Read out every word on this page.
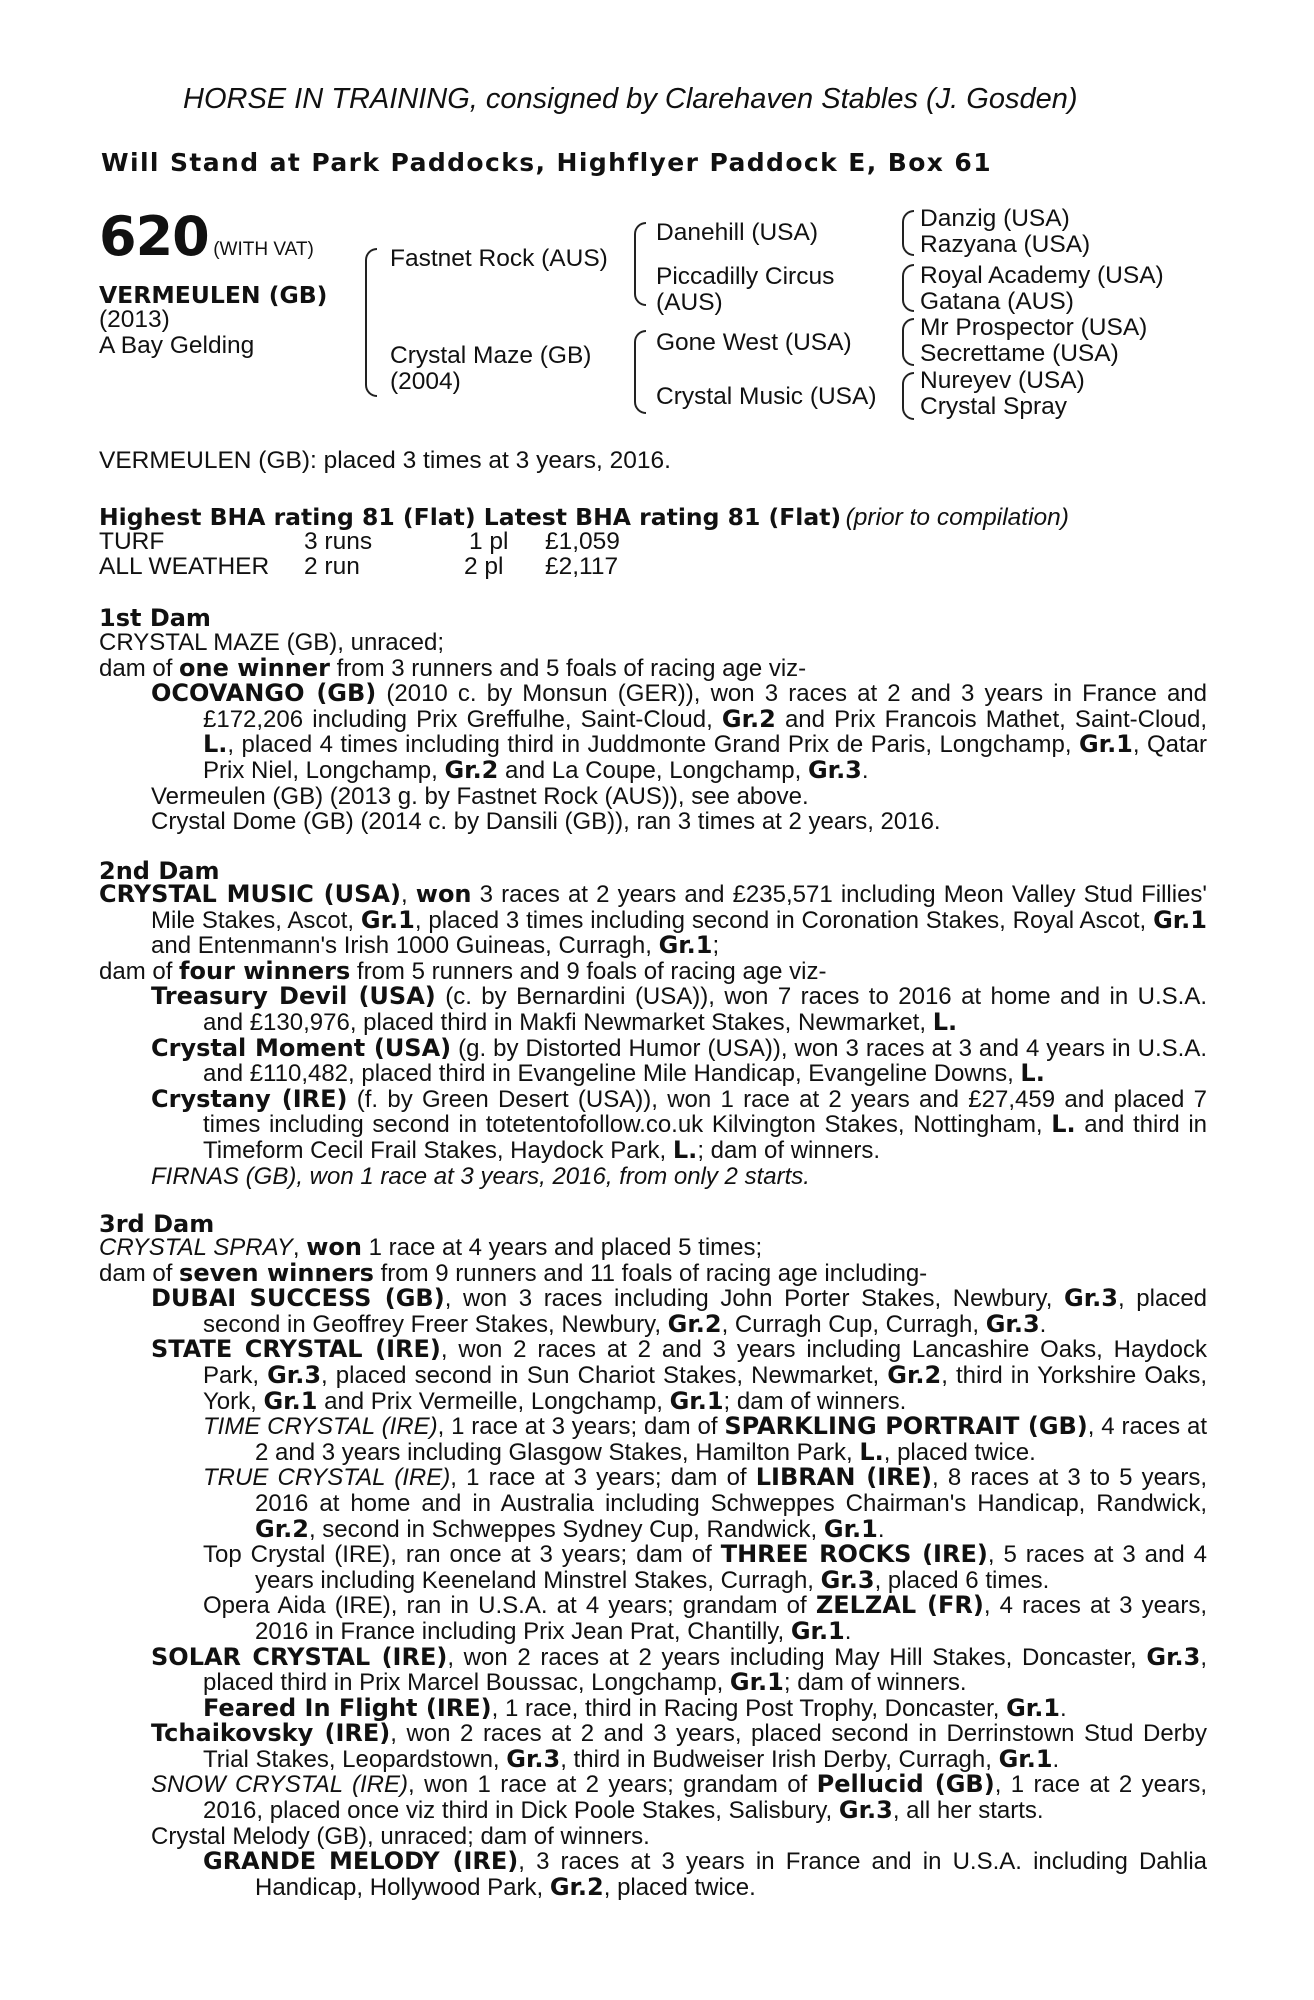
HORSE IN TRAINING, consigned by Clarehaven Stables (J. Gosden)
Will Stand at Park Paddocks, Highflyer Paddock E, Box 61
620 (WITH VAT)
VERMEULEN (GB)
(2013)
A Bay Gelding
Fastnet Rock (AUS)
Crystal Maze (GB)
(2004)
Danehill (USA)
Piccadilly Circus
(AUS)
Gone West (USA)
Crystal Music (USA)
Danzig (USA)
Razyana (USA)
Royal Academy (USA)
Gatana (AUS)
Mr Prospector (USA)
Secrettame (USA)
Nureyev (USA)
Crystal Spray
VERMEULEN (GB): placed 3 times at 3 years, 2016.
Highest BHA rating 81 (Flat) Latest BHA rating 81 (Flat) (prior to compilation)
TURF	3 runs	1 pl £1,059
ALL WEATHER 2 run	2 pl £2,117
1st Dam

CRYSTAL MAZE (GB), unraced;

dam of one winner from 3 runners and 5 foals of racing age viz-

OCOVANGO (GB) (2010 c. by Monsun (GER)), won 3 races at 2 and 3 years in France and £172,206 including Prix Greffulhe, Saint-Cloud, Gr.2 and Prix Francois Mathet, Saint-Cloud, L., placed 4 times including third in Juddmonte Grand Prix de Paris, Longchamp, Gr.1, Qatar Prix Niel, Longchamp, Gr.2 and La Coupe, Longchamp, Gr.3.

Vermeulen (GB) (2013 g. by Fastnet Rock (AUS)), see above.

Crystal Dome (GB) (2014 c. by Dansili (GB)), ran 3 times at 2 years, 2016.

2nd Dam

CRYSTAL MUSIC (USA), won 3 races at 2 years and £235,571 including Meon Valley Stud Fillies' Mile Stakes, Ascot, Gr.1, placed 3 times including second in Coronation Stakes, Royal Ascot, Gr.1 and Entenmann's Irish 1000 Guineas, Curragh, Gr.1;

dam of four winners from 5 runners and 9 foals of racing age viz-

Treasury Devil (USA) (c. by Bernardini (USA)), won 7 races to 2016 at home and in U.S.A. and £130,976, placed third in Makfi Newmarket Stakes, Newmarket, L.

Crystal Moment (USA) (g. by Distorted Humor (USA)), won 3 races at 3 and 4 years in U.S.A. and £110,482, placed third in Evangeline Mile Handicap, Evangeline Downs, L.

Crystany (IRE) (f. by Green Desert (USA)), won 1 race at 2 years and £27,459 and placed 7 times including second in totetentofollow.co.uk Kilvington Stakes, Nottingham, L. and third in Timeform Cecil Frail Stakes, Haydock Park, L.; dam of winners.

FIRNAS (GB), won 1 race at 3 years, 2016, from only 2 starts.

3rd Dam

CRYSTAL SPRAY, won 1 race at 4 years and placed 5 times;

dam of seven winners from 9 runners and 11 foals of racing age including-

DUBAI SUCCESS (GB), won 3 races including John Porter Stakes, Newbury, Gr.3, placed second in Geoffrey Freer Stakes, Newbury, Gr.2, Curragh Cup, Curragh, Gr.3.

STATE CRYSTAL (IRE), won 2 races at 2 and 3 years including Lancashire Oaks, Haydock Park, Gr.3, placed second in Sun Chariot Stakes, Newmarket, Gr.2, third in Yorkshire Oaks, York, Gr.1 and Prix Vermeille, Longchamp, Gr.1; dam of winners.

TIME CRYSTAL (IRE), 1 race at 3 years; dam of SPARKLING PORTRAIT (GB), 4 races at 2 and 3 years including Glasgow Stakes, Hamilton Park, L., placed twice.

TRUE CRYSTAL (IRE), 1 race at 3 years; dam of LIBRAN (IRE), 8 races at 3 to 5 years, 2016 at home and in Australia including Schweppes Chairman's Handicap, Randwick, Gr.2, second in Schweppes Sydney Cup, Randwick, Gr.1.

Top Crystal (IRE), ran once at 3 years; dam of THREE ROCKS (IRE), 5 races at 3 and 4 years including Keeneland Minstrel Stakes, Curragh, Gr.3, placed 6 times.

Opera Aida (IRE), ran in U.S.A. at 4 years; grandam of ZELZAL (FR), 4 races at 3 years, 2016 in France including Prix Jean Prat, Chantilly, Gr.1.

SOLAR CRYSTAL (IRE), won 2 races at 2 years including May Hill Stakes, Doncaster, Gr.3, placed third in Prix Marcel Boussac, Longchamp, Gr.1; dam of winners.

Feared In Flight (IRE), 1 race, third in Racing Post Trophy, Doncaster, Gr.1.

Tchaikovsky (IRE), won 2 races at 2 and 3 years, placed second in Derrinstown Stud Derby Trial Stakes, Leopardstown, Gr.3, third in Budweiser Irish Derby, Curragh, Gr.1.

SNOW CRYSTAL (IRE), won 1 race at 2 years; grandam of Pellucid (GB), 1 race at 2 years, 2016, placed once viz third in Dick Poole Stakes, Salisbury, Gr.3, all her starts.

Crystal Melody (GB), unraced; dam of winners.

GRANDE MELODY (IRE), 3 races at 3 years in France and in U.S.A. including Dahlia Handicap, Hollywood Park, Gr.2, placed twice.
